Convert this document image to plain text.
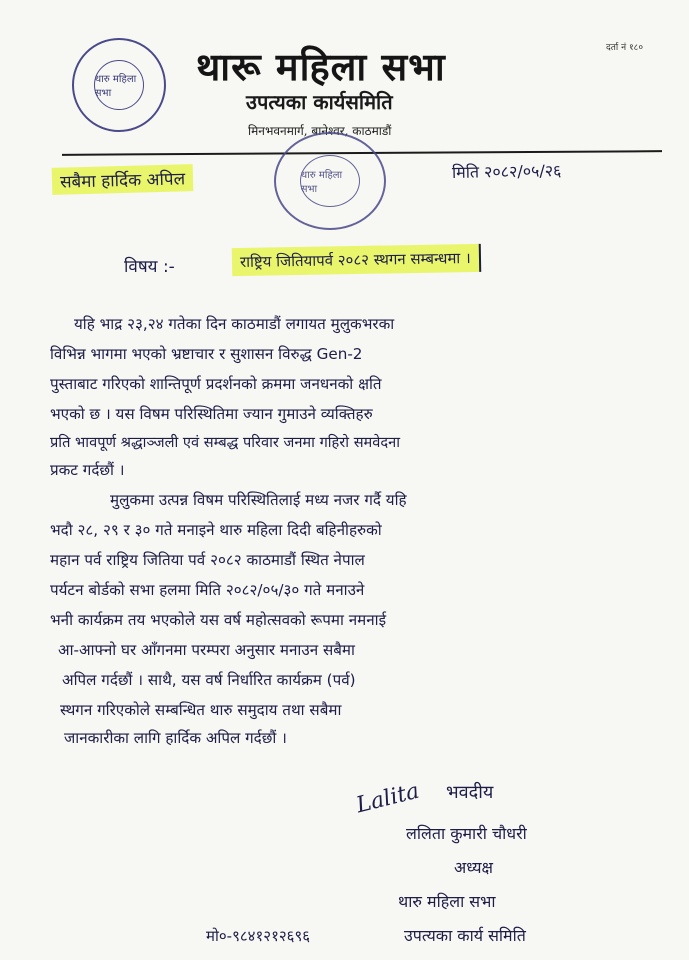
थारु महिला सभा
थारू महिला सभा
उपत्यका कार्यसमिति
मिनभवनमार्ग, बानेश्वर, काठमाडौं
दर्ता नं १८०
थारु महिला सभा
सबैमा हार्दिक अपिल	मिति २०८२/०५/२६
विषय :-	राष्ट्रिय जितियापर्व २०८२ स्थगन सम्बन्धमा ।
यहि भाद्र २३,२४ गतेका दिन काठमाडौं लगायत मुलुकभरका
विभिन्न भागमा भएको भ्रष्टाचार र सुशासन विरुद्ध Gen-2
पुस्ताबाट गरिएको शान्तिपूर्ण प्रदर्शनको क्रममा जनधनको क्षति
भएको छ । यस विषम परिस्थितिमा ज्यान गुमाउने व्यक्तिहरु
प्रति भावपूर्ण श्रद्धाञ्जली एवं सम्बद्ध परिवार जनमा गहिरो समवेदना
प्रकट गर्दछौं ।
मुलुकमा उत्पन्न विषम परिस्थितिलाई मध्य नजर गर्दै यहि
भदौ २८, २९ र ३० गते मनाइने थारु महिला दिदी बहिनीहरुको
महान पर्व राष्ट्रिय जितिया पर्व २०८२ काठमाडौं स्थित नेपाल
पर्यटन बोर्डको सभा हलमा मिति २०८२/०५/३० गते मनाउने
भनी कार्यक्रम तय भएकोले यस वर्ष महोत्सवको रूपमा नमनाई
आ-आफ्नो घर आँगनमा परम्परा अनुसार मनाउन सबैमा
अपिल गर्दछौं । साथै, यस वर्ष निर्धारित कार्यक्रम (पर्व)
स्थगन गरिएकोले सम्बन्धित थारु समुदाय तथा सबैमा
जानकारीका लागि हार्दिक अपिल गर्दछौं ।
Lalita भवदीय
ललिता कुमारी चौधरी
अध्यक्ष
थारु महिला सभा
मो०-९८४१२१२६९६	उपत्यका कार्य समिति
